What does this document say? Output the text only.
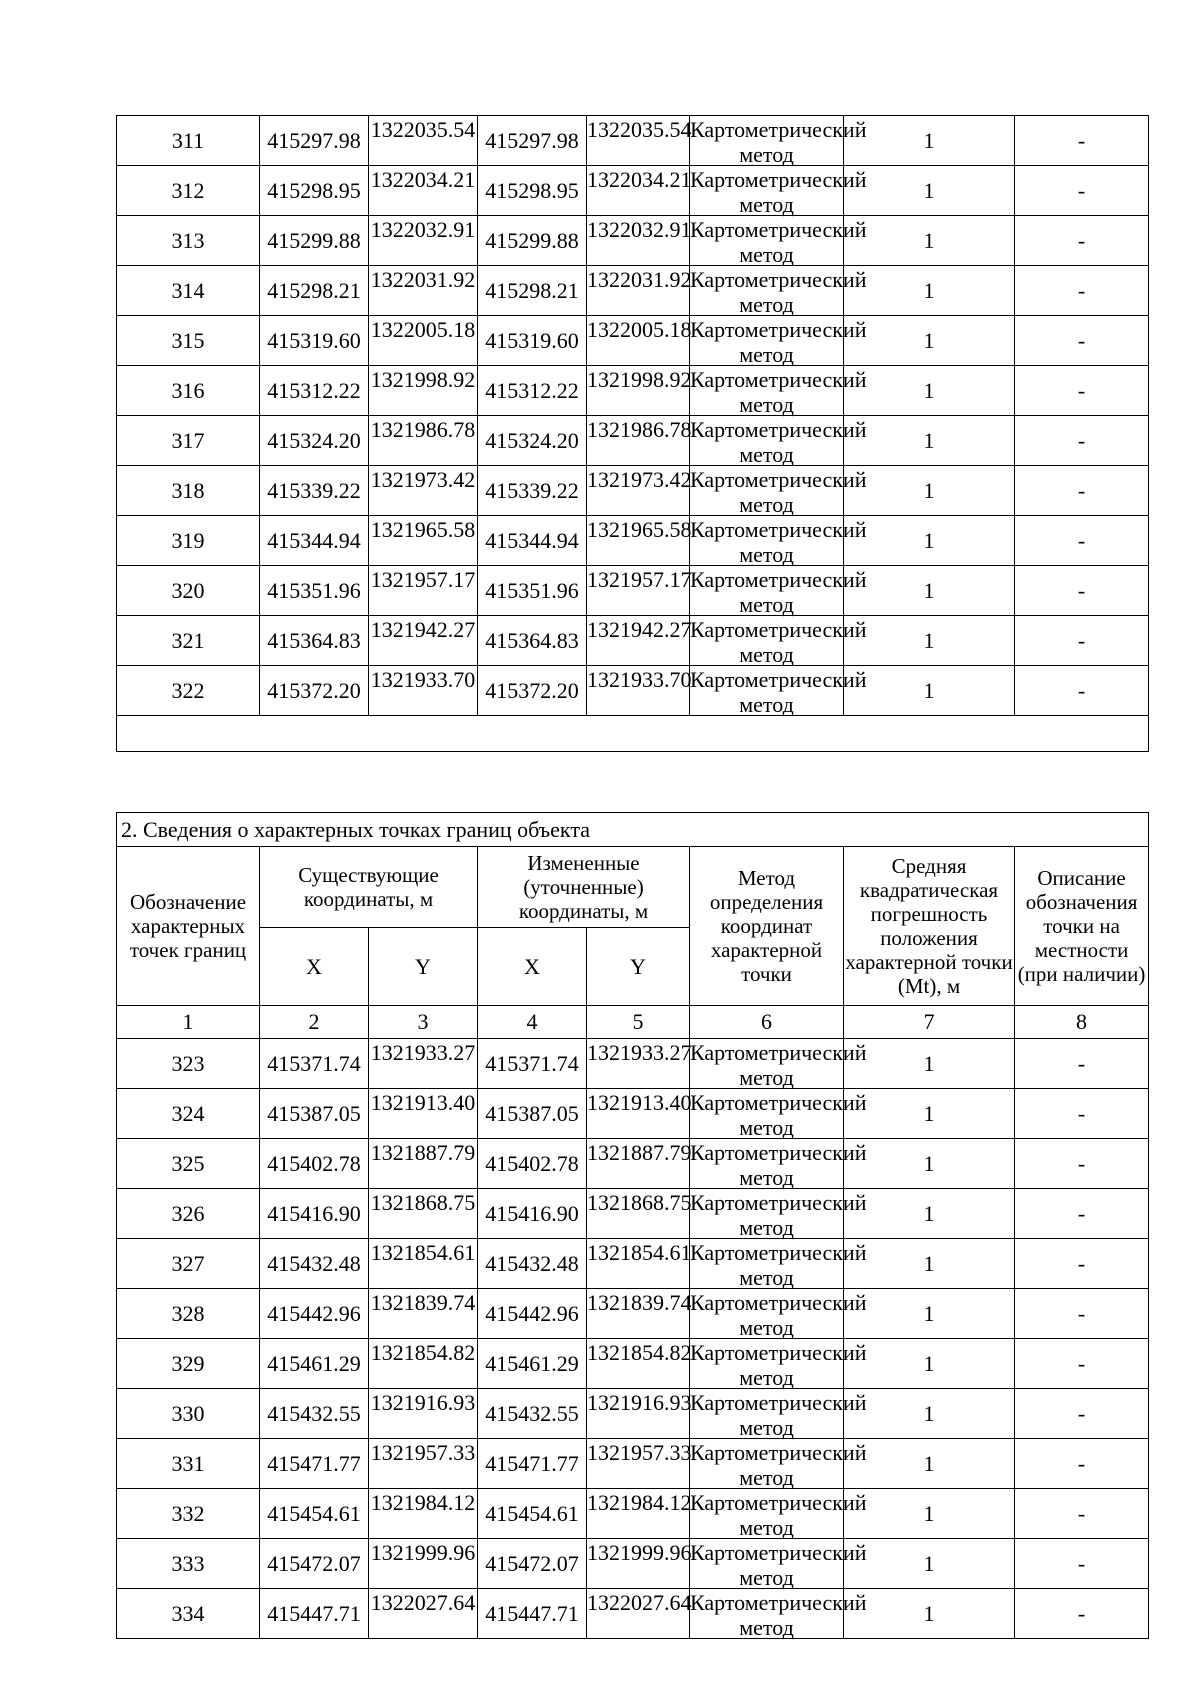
311	415297.98	1322035.54	415297.98	1322035.54	Картометрический метод	1	-
312	415298.95	1322034.21	415298.95	1322034.21	Картометрический метод	1	-
313	415299.88	1322032.91	415299.88	1322032.91	Картометрический метод	1	-
314	415298.21	1322031.92	415298.21	1322031.92	Картометрический метод	1	-
315	415319.60	1322005.18	415319.60	1322005.18	Картометрический метод	1	-
316	415312.22	1321998.92	415312.22	1321998.92	Картометрический метод	1	-
317	415324.20	1321986.78	415324.20	1321986.78	Картометрический метод	1	-
318	415339.22	1321973.42	415339.22	1321973.42	Картометрический метод	1	-
319	415344.94	1321965.58	415344.94	1321965.58	Картометрический метод	1	-
320	415351.96	1321957.17	415351.96	1321957.17	Картометрический метод	1	-
321	415364.83	1321942.27	415364.83	1321942.27	Картометрический метод	1	-
322	415372.20	1321933.70	415372.20	1321933.70	Картометрический метод	1	-

2. Сведения о характерных точках границ объекта							
Обозначение характерных точек границ	Существующие координаты, м		Измененные (уточненные) координаты, м		Метод определения координат характерной точки	Средняя квадратическая погрешность положения характерной точки (Mt), м	Описание обозначения точки на местности (при наличии)
	X	Y	X	Y			
1	2	3	4	5	6	7	8
323	415371.74	1321933.27	415371.74	1321933.27	Картометрический метод	1	-
324	415387.05	1321913.40	415387.05	1321913.40	Картометрический метод	1	-
325	415402.78	1321887.79	415402.78	1321887.79	Картометрический метод	1	-
326	415416.90	1321868.75	415416.90	1321868.75	Картометрический метод	1	-
327	415432.48	1321854.61	415432.48	1321854.61	Картометрический метод	1	-
328	415442.96	1321839.74	415442.96	1321839.74	Картометрический метод	1	-
329	415461.29	1321854.82	415461.29	1321854.82	Картометрический метод	1	-
330	415432.55	1321916.93	415432.55	1321916.93	Картометрический метод	1	-
331	415471.77	1321957.33	415471.77	1321957.33	Картометрический метод	1	-
332	415454.61	1321984.12	415454.61	1321984.12	Картометрический метод	1	-
333	415472.07	1321999.96	415472.07	1321999.96	Картометрический метод	1	-
334	415447.71	1322027.64	415447.71	1322027.64	Картометрический метод	1	-
